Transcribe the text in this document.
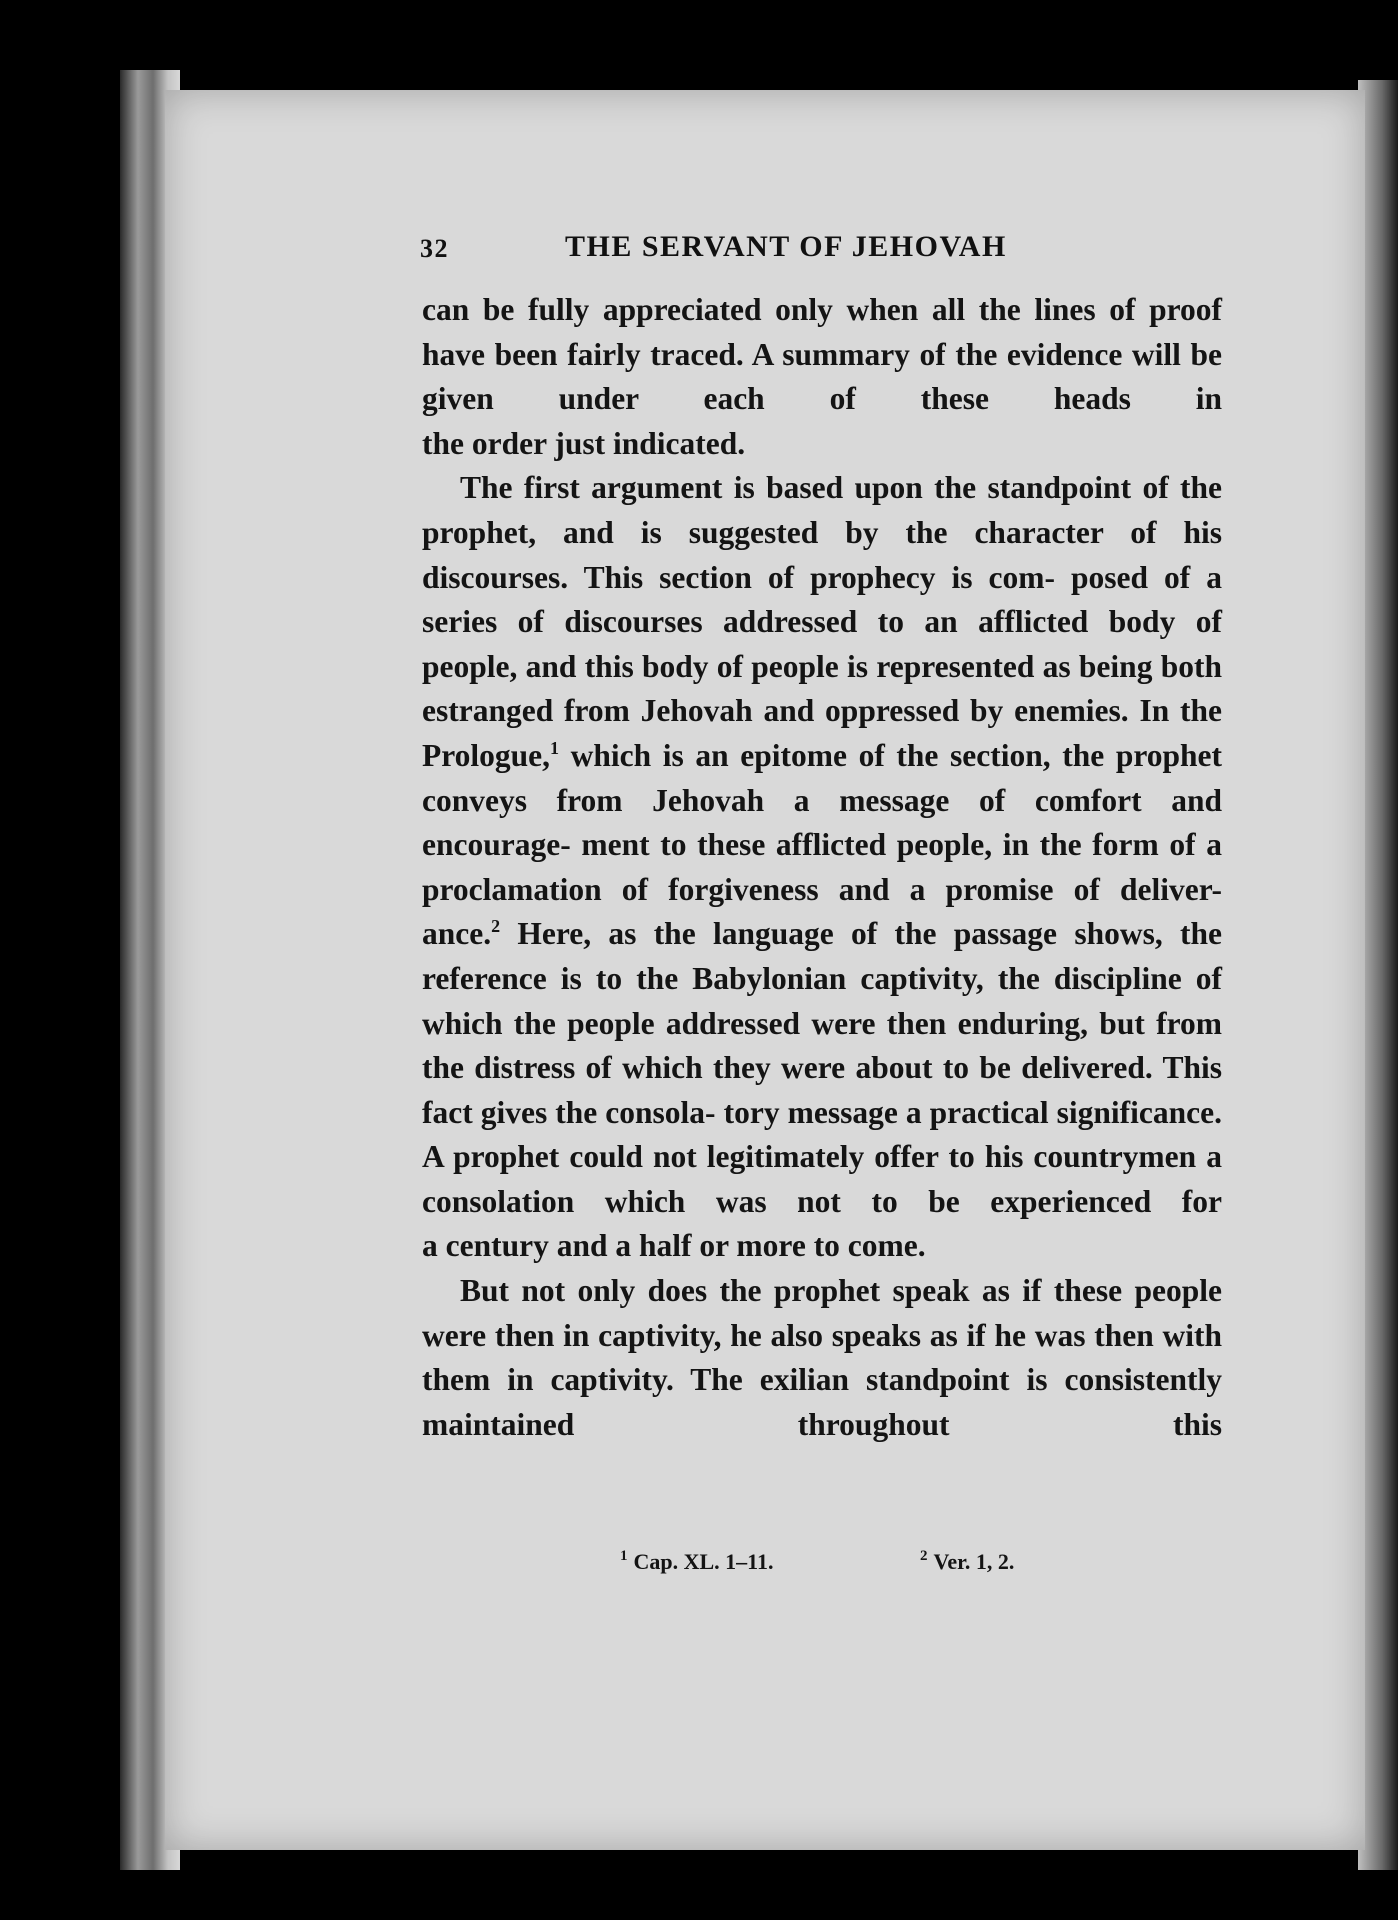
32	THE SERVANT OF JEHOVAH

can be fully appreciated only when all the lines of proof have been fairly traced. A summary of the evidence will be given under each of these heads in

the order just indicated.

The first argument is based upon the standpoint of the prophet, and is suggested by the character of his discourses. This section of prophecy is com- posed of a series of discourses addressed to an afflicted body of people, and this body of people is represented as being both estranged from Jehovah and oppressed by enemies. In the Prologue,$^1$ which is an epitome of the section, the prophet conveys from Jehovah a message of comfort and encourage- ment to these afflicted people, in the form of a proclamation of forgiveness and a promise of deliver- ance.$^2$ Here, as the language of the passage shows, the reference is to the Babylonian captivity, the discipline of which the people addressed were then enduring, but from the distress of which they were about to be delivered. This fact gives the consola- tory message a practical significance. A prophet could not legitimately offer to his countrymen a consolation which was not to be experienced for

a century and a half or more to come.

But not only does the prophet speak as if these people were then in captivity, he also speaks as if he was then with them in captivity. The exilian standpoint is consistently maintained throughout this

$^1$ Cap. XL. 1–11.	$^2$ Ver. 1, 2.
